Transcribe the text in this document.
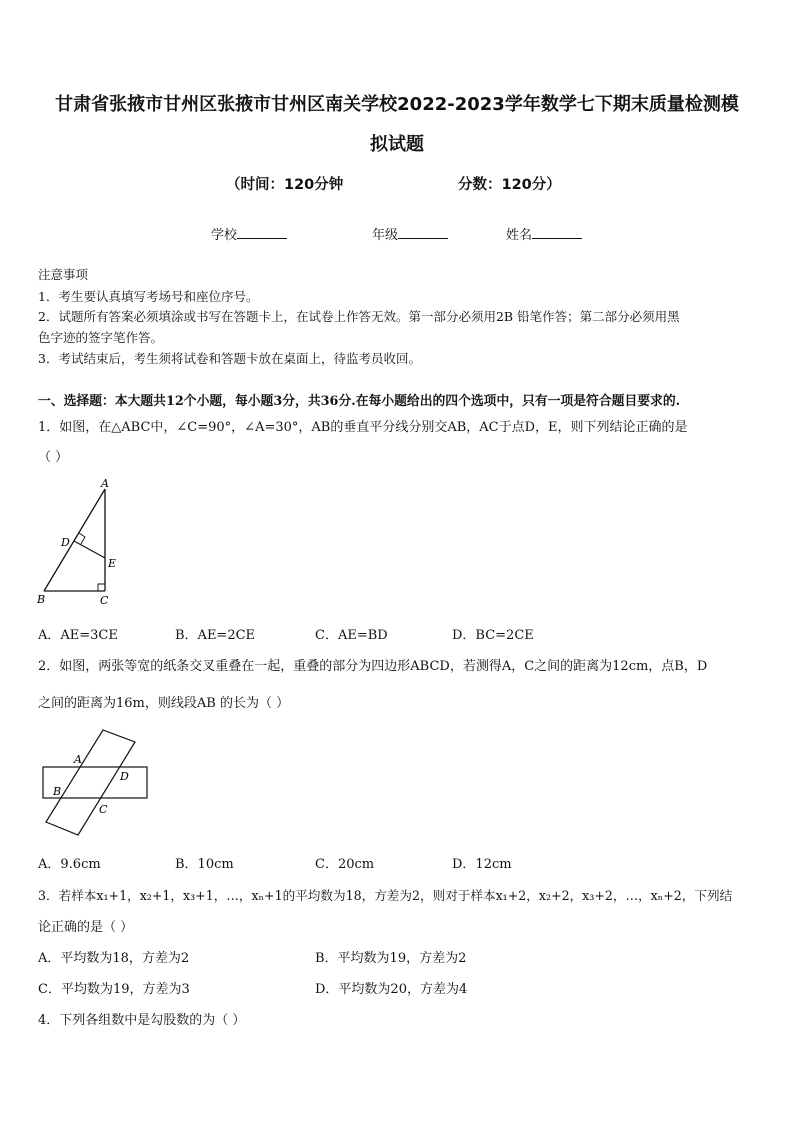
甘肃省张掖市甘州区张掖市甘州区南关学校2022-2023学年数学七下期末质量检测模
拟试题
（时间：120分钟	分数：120分）
学校	年级	姓名
注意事项
1．考生要认真填写考场号和座位序号。
2．试题所有答案必须填涂或书写在答题卡上，在试卷上作答无效。第一部分必须用2B 铅笔作答；第二部分必须用黑
色字迹的签字笔作答。
3．考试结束后，考生须将试卷和答题卡放在桌面上，待监考员收回。
一、选择题：本大题共12个小题，每小题3分，共36分.在每小题给出的四个选项中，只有一项是符合题目要求的.
1．如图，在△ABC中，∠C=90°，∠A=30°，AB的垂直平分线分别交AB，AC于点D，E，则下列结论正确的是
（ ）
A
D
E
B	C
A．AE=3CE	B．AE=2CE	C．AE=BD	D．BC=2CE
2．如图，两张等宽的纸条交叉重叠在一起，重叠的部分为四边形ABCD，若测得A，C之间的距离为12cm，点B，D
之间的距离为16m，则线段AB 的长为（ ）
A
D
B
C
A．9.6cm	B．10cm	C．20cm	D．12cm
3．若样本x₁+1，x₂+1，x₃+1，…，xₙ+1的平均数为18，方差为2，则对于样本x₁+2，x₂+2，x₃+2，…，xₙ+2，下列结
论正确的是（ ）
A．平均数为18，方差为2	B．平均数为19，方差为2
C．平均数为19，方差为3	D．平均数为20，方差为4
4．下列各组数中是勾股数的为（ ）
